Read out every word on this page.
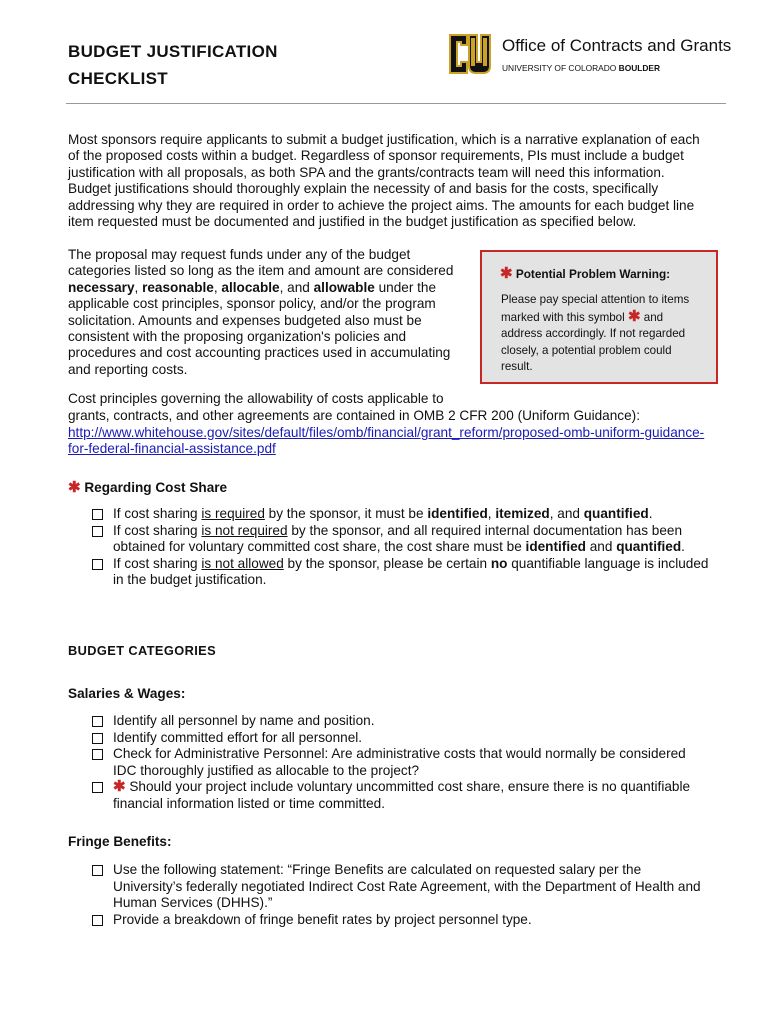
BUDGET JUSTIFICATION
CHECKLIST
Office of Contracts and Grants
UNIVERSITY OF COLORADO BOULDER
Most sponsors require applicants to submit a budget justification, which is a narrative explanation of each
of the proposed costs within a budget. Regardless of sponsor requirements, PIs must include a budget
justification with all proposals, as both SPA and the grants/contracts team will need this information.
Budget justifications should thoroughly explain the necessity of and basis for the costs, specifically
addressing why they are required in order to achieve the project aims. The amounts for each budget line
item requested must be documented and justified in the budget justification as specified below.

The proposal may request funds under any of the budget
categories listed so long as the item and amount are considered
necessary, reasonable, allocable, and allowable under the
applicable cost principles, sponsor policy, and/or the program
solicitation. Amounts and expenses budgeted also must be
consistent with the proposing organization's policies and
procedures and cost accounting practices used in accumulating
and reporting costs.

✱ Potential Problem Warning:
Please pay special attention to items
marked with this symbol ✱ and
address accordingly. If not regarded
closely, a potential problem could
result.
Cost principles governing the allowability of costs applicable to
grants, contracts, and other agreements are contained in OMB 2 CFR 200 (Uniform Guidance):
http://www.whitehouse.gov/sites/default/files/omb/financial/grant_reform/proposed-omb-uniform-guidance-
for-federal-financial-assistance.pdf
✱ Regarding Cost Share
If cost sharing is required by the sponsor, it must be identified, itemized, and quantified.
If cost sharing is not required by the sponsor, and all required internal documentation has been
obtained for voluntary committed cost share, the cost share must be identified and quantified.
If cost sharing is not allowed by the sponsor, please be certain no quantifiable language is included
in the budget justification.
BUDGET CATEGORIES
Salaries & Wages:
Identify all personnel by name and position.
Identify committed effort for all personnel.
Check for Administrative Personnel: Are administrative costs that would normally be considered
IDC thoroughly justified as allocable to the project?
✱ Should your project include voluntary uncommitted cost share, ensure there is no quantifiable
financial information listed or time committed.
Fringe Benefits:
Use the following statement: “Fringe Benefits are calculated on requested salary per the
University’s federally negotiated Indirect Cost Rate Agreement, with the Department of Health and
Human Services (DHHS).”
Provide a breakdown of fringe benefit rates by project personnel type.
